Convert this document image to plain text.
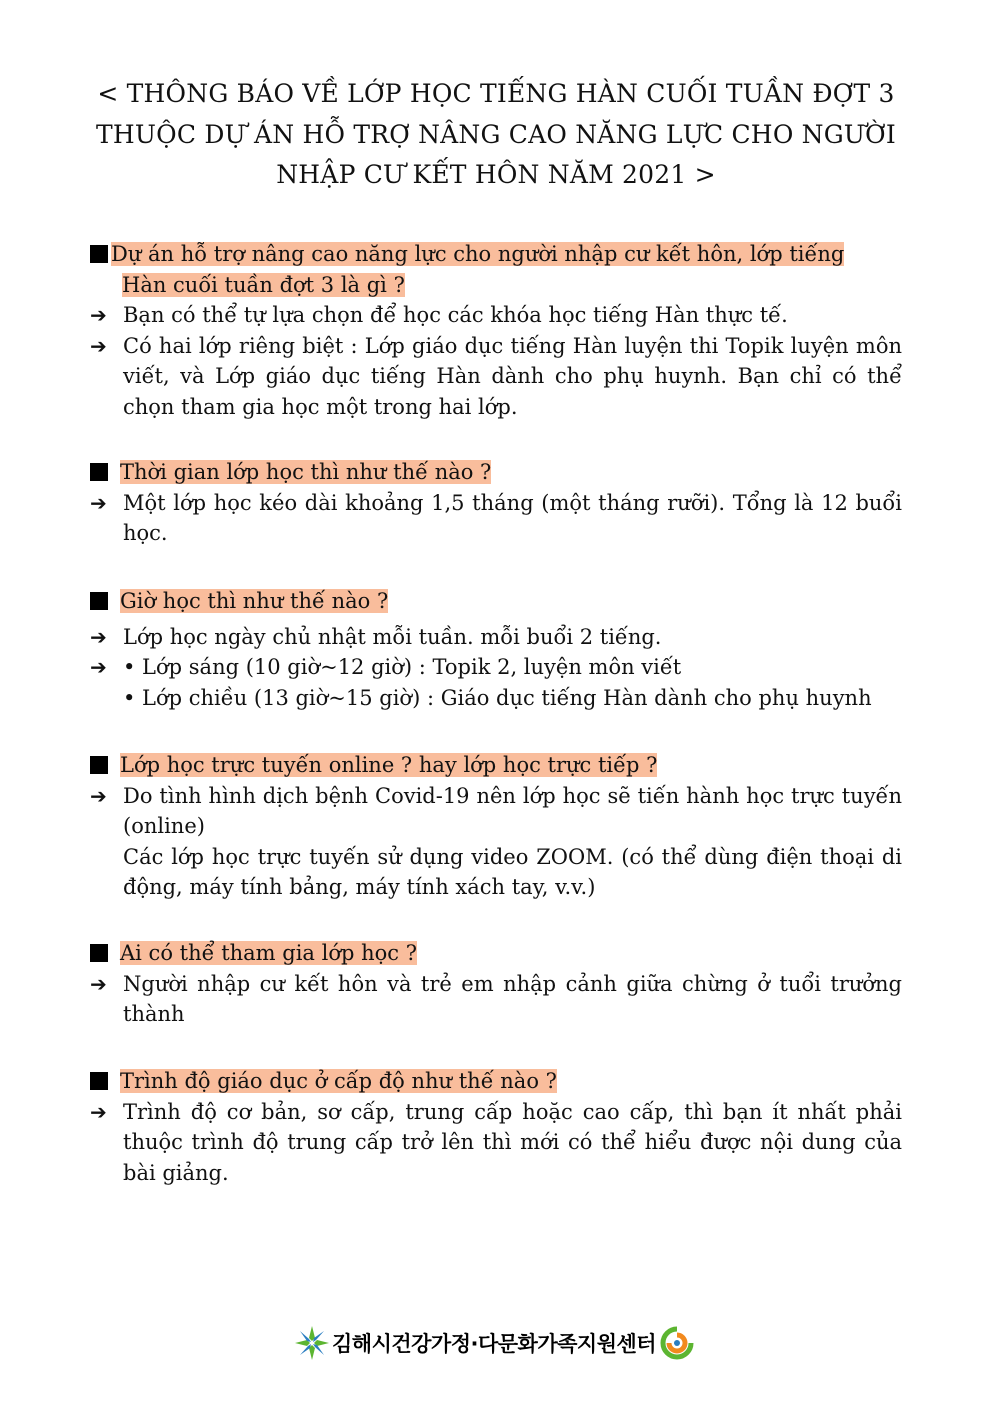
< THÔNG BÁO VỀ LỚP HỌC TIẾNG HÀN CUỐI TUẦN ĐỢT 3
THUỘC DỰ ÁN HỖ TRỢ NÂNG CAO NĂNG LỰC CHO NGƯỜI
NHẬP CƯ KẾT HÔN NĂM 2021 >
Dự án hỗ trợ nâng cao năng lực cho người nhập cư kết hôn, lớp tiếng
Hàn cuối tuần đợt 3 là gì ?
➔ Bạn có thể tự lựa chọn để học các khóa học tiếng Hàn thực tế.
➔ Có hai lớp riêng biệt : Lớp giáo dục tiếng Hàn luyện thi Topik luyện môn viết, và Lớp giáo dục tiếng Hàn dành cho phụ huynh. Bạn chỉ có thể chọn tham gia học một trong hai lớp.
Thời gian lớp học thì như thế nào ?
➔ Một lớp học kéo dài khoảng 1,5 tháng (một tháng rưỡi). Tổng là 12 buổi học.
Giờ học thì như thế nào ?
➔ Lớp học ngày chủ nhật mỗi tuần. mỗi buổi 2 tiếng.
➔ • Lớp sáng (10 giờ~12 giờ) : Topik 2, luyện môn viết
• Lớp chiều (13 giờ~15 giờ) : Giáo dục tiếng Hàn dành cho phụ huynh
Lớp học trực tuyến online ? hay lớp học trực tiếp ?
➔ Do tình hình dịch bệnh Covid-19 nên lớp học sẽ tiến hành học trực tuyến (online)
Các lớp học trực tuyến sử dụng video ZOOM. (có thể dùng điện thoại di động, máy tính bảng, máy tính xách tay, v.v.)
Ai có thể tham gia lớp học ?
➔ Người nhập cư kết hôn và trẻ em nhập cảnh giữa chừng ở tuổi trưởng thành
Trình độ giáo dục ở cấp độ như thế nào ?
➔ Trình độ cơ bản, sơ cấp, trung cấp hoặc cao cấp, thì bạn ít nhất phải thuộc trình độ trung cấp trở lên thì mới có thể hiểu được nội dung của bài giảng.
김해시건강가정·다문화가족지원센터
